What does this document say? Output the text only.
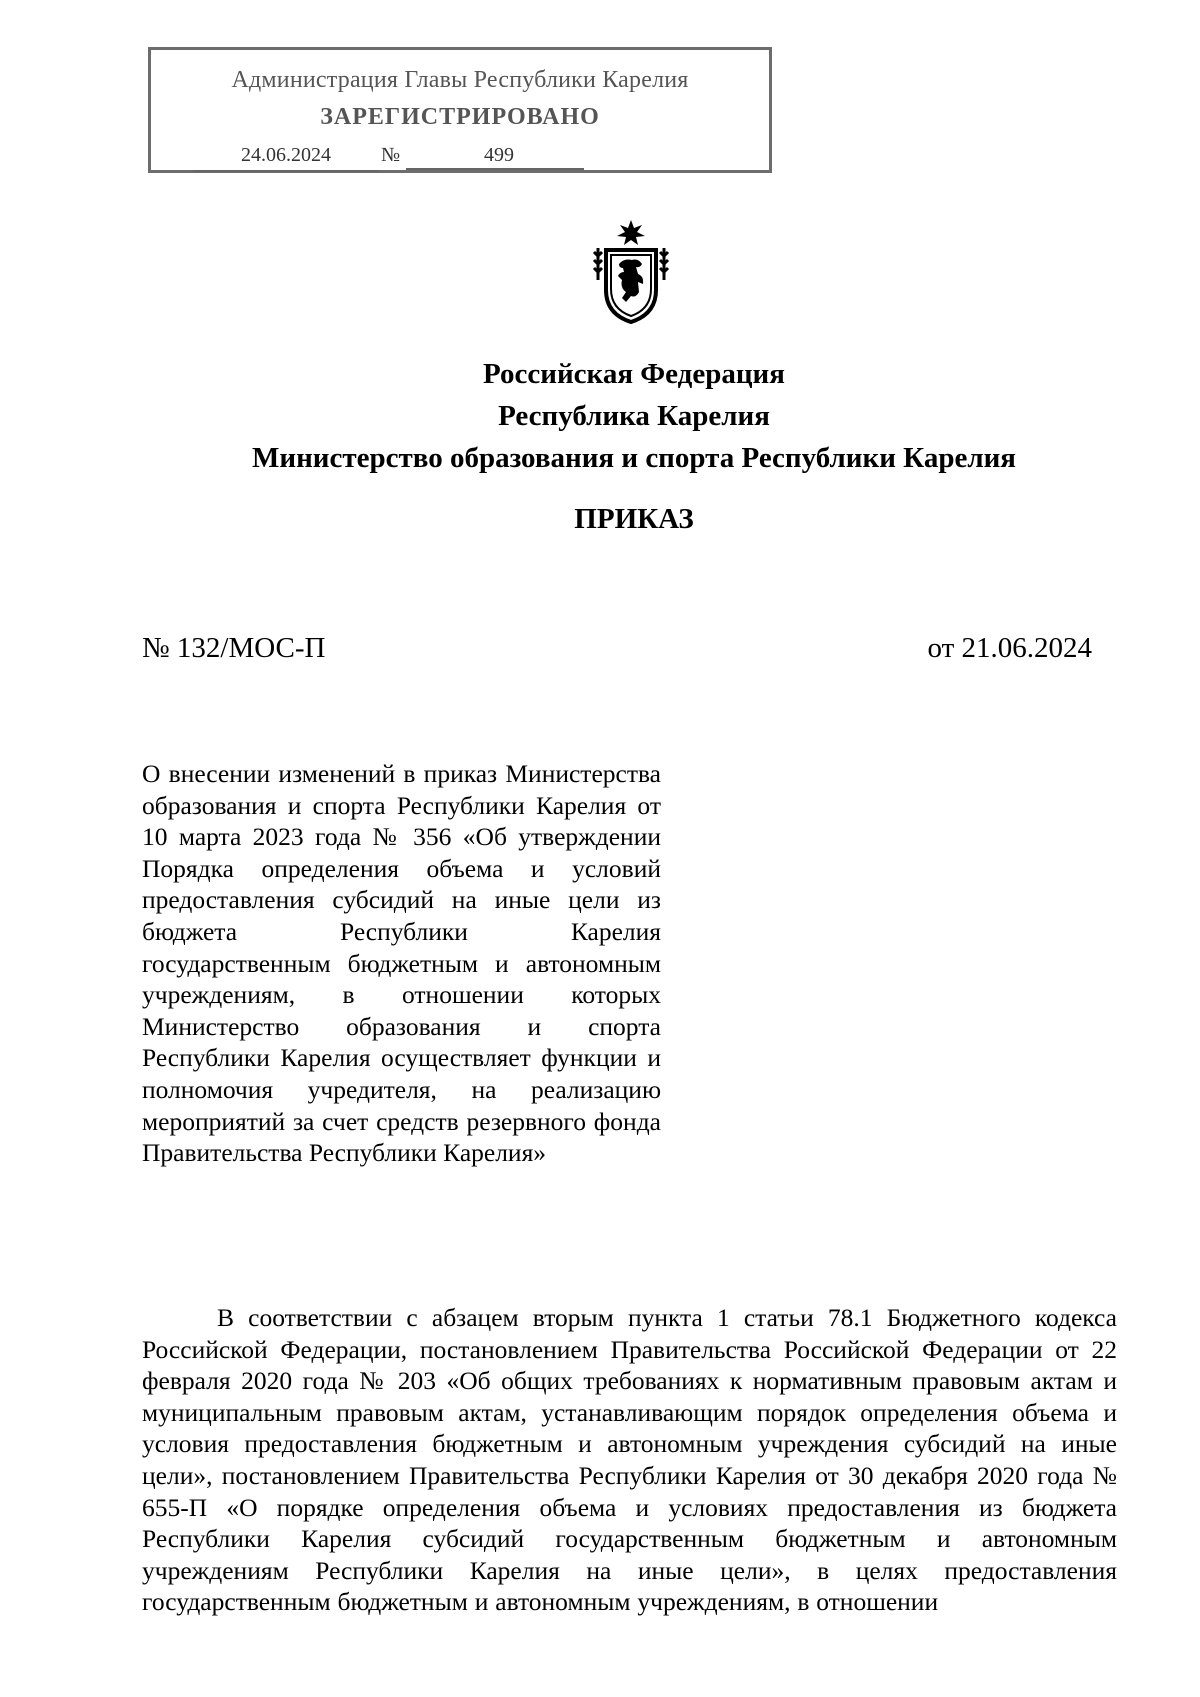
Администрация Главы Республики Карелия
ЗАРЕГИСТРИРОВАНО
24.06.2024	№	499
Российская Федерация
Республика Карелия
Министерство образования и спорта Республики Карелия
ПРИКАЗ
№ 132/МОС-П	от 21.06.2024
О внесении изменений в приказ Министерства образования и спорта Республики Карелия от 10 марта 2023 года № 356 «Об утверждении Порядка определения объема и условий предоставления субсидий на иные цели из бюджета Республики Карелия государственным бюджетным и автономным учреждениям, в отношении которых Министерство образования и спорта Республики Карелия осуществляет функции и полномочия учредителя, на реализацию мероприятий за счет средств резервного фонда Правительства Республики Карелия»
В соответствии с абзацем вторым пункта 1 статьи 78.1 Бюджетного кодекса Российской Федерации, постановлением Правительства Российской Федерации от 22 февраля 2020 года № 203 «Об общих требованиях к нормативным правовым актам и муниципальным правовым актам, устанавливающим порядок определения объема и условия предоставления бюджетным и автономным учреждения субсидий на иные цели», постановлением Правительства Республики Карелия от 30 декабря 2020 года № 655-П «О порядке определения объема и условиях предоставления из бюджета Республики Карелия субсидий государственным бюджетным и автономным учреждениям Республики Карелия на иные цели», в целях предоставления государственным бюджетным и автономным учреждениям, в отношении
